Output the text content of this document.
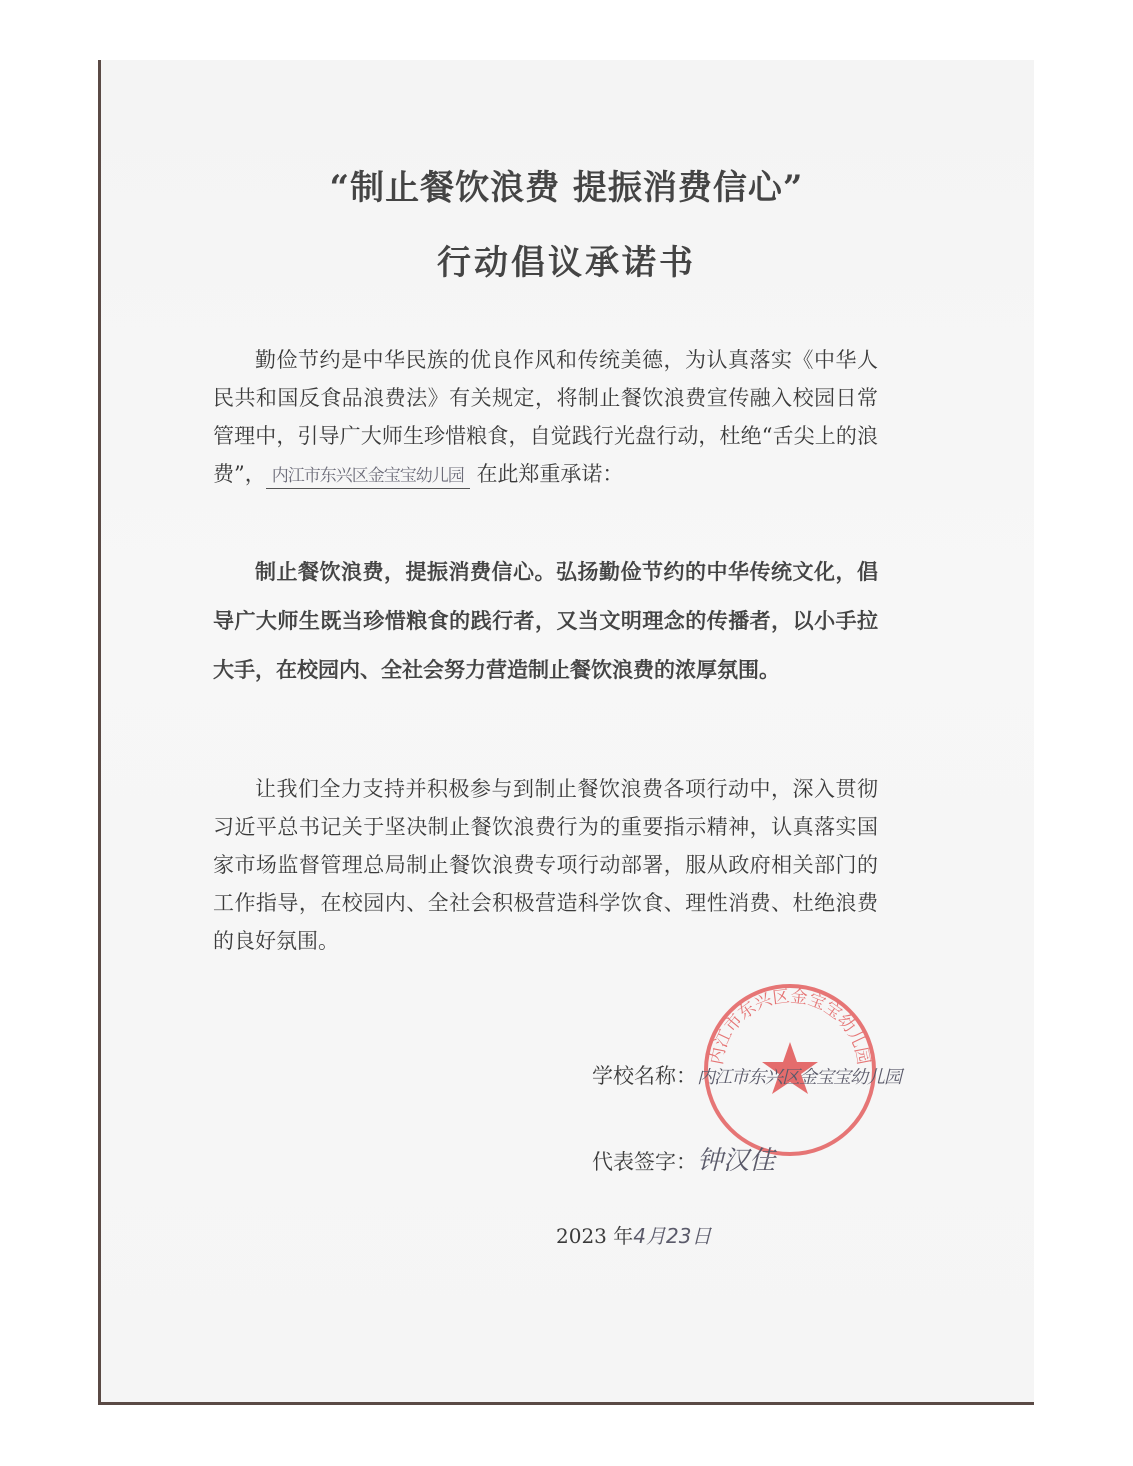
“制止餐饮浪费 提振消费信心”
行动倡议承诺书

勤俭节约是中华民族的优良作风和传统美德，为认真落实《中华人民共和国反食品浪费法》有关规定，将制止餐饮浪费宣传融入校园日常管理中，引导广大师生珍惜粮食，自觉践行光盘行动，杜绝“舌尖上的浪费”， 内江市东兴区金宝宝幼儿园 在此郑重承诺：

制止餐饮浪费，提振消费信心。弘扬勤俭节约的中华传统文化，倡导广大师生既当珍惜粮食的践行者，又当文明理念的传播者，以小手拉大手，在校园内、全社会努力营造制止餐饮浪费的浓厚氛围。

让我们全力支持并积极参与到制止餐饮浪费各项行动中，深入贯彻习近平总书记关于坚决制止餐饮浪费行为的重要指示精神，认真落实国家市场监督管理总局制止餐饮浪费专项行动部署，服从政府相关部门的工作指导，在校园内、全社会积极营造科学饮食、理性消费、杜绝浪费的良好氛围。

内江市东兴区金宝宝幼儿园
学校名称：内江市东兴区金宝宝幼儿园
代表签字：钟汉佳
2023 年4月23日
